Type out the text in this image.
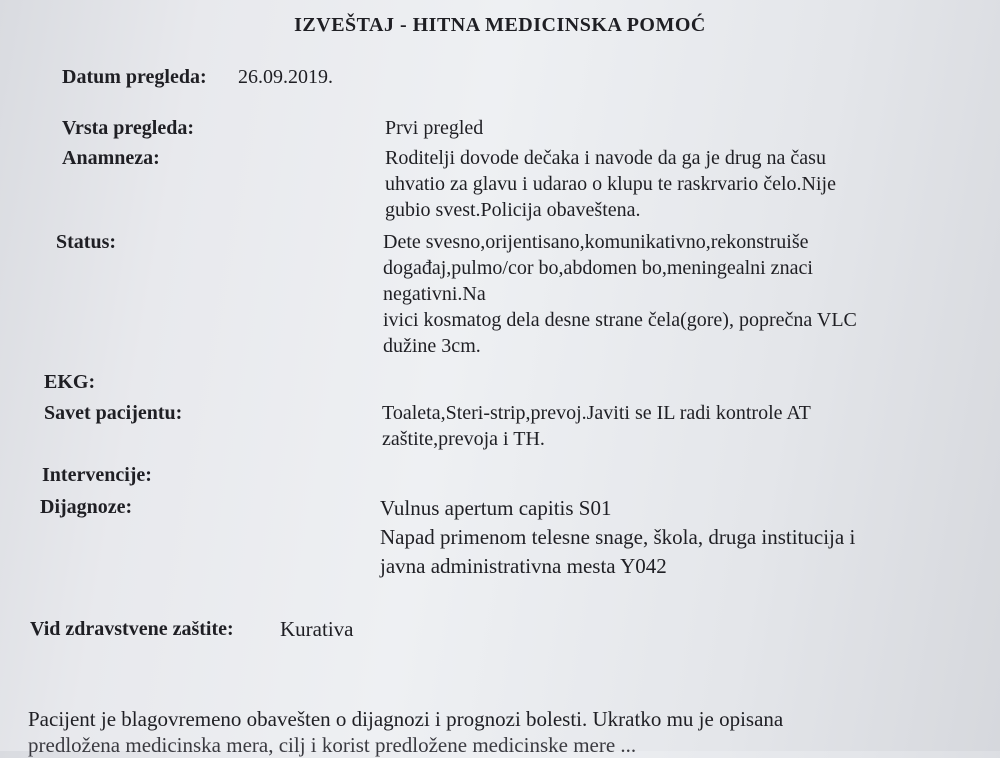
IZVEŠTAJ - HITNA MEDICINSKA POMOĆ
Datum pregleda: 26.09.2019.
Vrsta pregleda:	Prvi pregled
Anamneza:	Roditelji dovode dečaka i navode da ga je drug na času
uhvatio za glavu i udarao o klupu te raskrvario čelo.Nije
gubio svest.Policija obaveštena.
Status:	Dete svesno,orijentisano,komunikativno,rekonstruiše
događaj,pulmo/cor bo,abdomen bo,meningealni znaci
negativni.Na
ivici kosmatog dela desne strane čela(gore), poprečna VLC
dužine 3cm.
EKG:
Savet pacijentu:	Toaleta,Steri-strip,prevoj.Javiti se IL radi kontrole AT
zaštite,prevoja i TH.
Intervencije:
Dijagnoze:	Vulnus apertum capitis S01
Napad primenom telesne snage, škola, druga institucija i
javna administrativna mesta Y042
Vid zdravstvene zaštite: Kurativa
Pacijent je blagovremeno obavešten o dijagnozi i prognozi bolesti. Ukratko mu je opisana
predložena medicinska mera, cilj i korist predložene medicinske mere ...
